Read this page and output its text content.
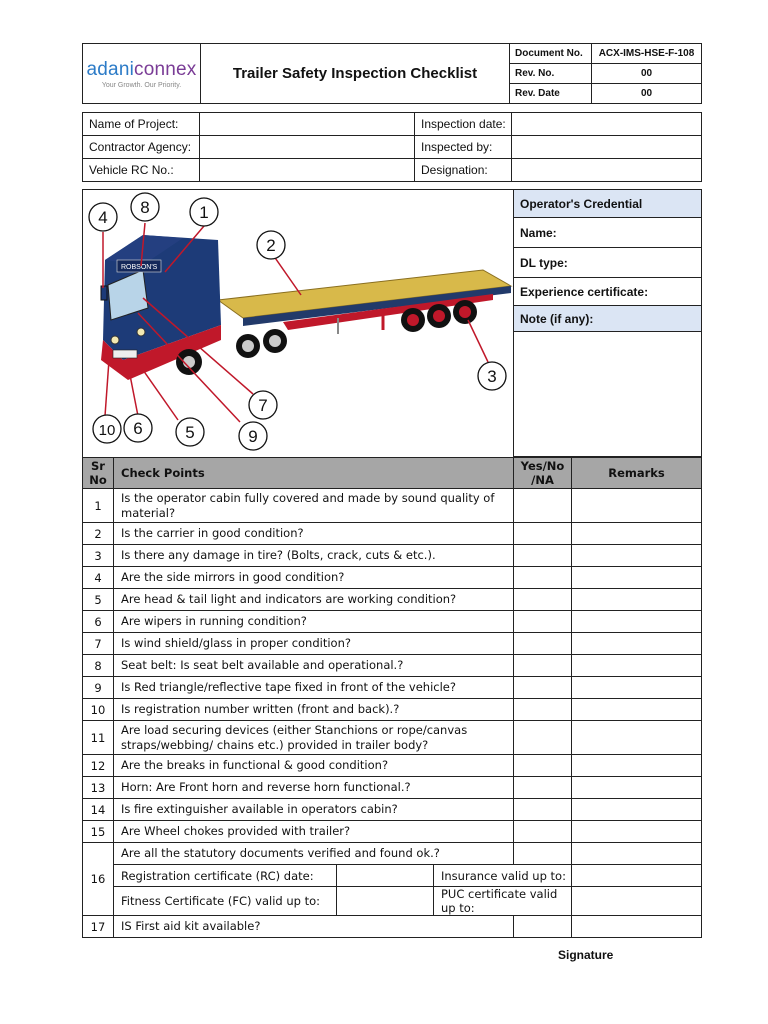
adaniconnex
Your Growth. Our Priority.	Trailer Safety Inspection Checklist	Document No.	ACX-IMS-HSE-F-108
		Rev. No.	00
		Rev. Date	00
Name of Project:		Inspection date:	
Contractor Agency:		Inspected by:	
Vehicle RC No.:		Designation:	
ROBSON'S
1
2
3
4
5
6
7
8
9
10
Operator's Credential
Name:
DL type:
Experience certificate:
Note (if any):

Sr No	Check Points			Yes/No /NA	Remarks
1	Is the operator cabin fully covered and made by sound quality of material?				
2	Is the carrier in good condition?				
3	Is there any damage in tire? (Bolts, crack, cuts & etc.).				
4	Are the side mirrors in good condition?				
5	Are head & tail light and indicators are working condition?				
6	Are wipers in running condition?				
7	Is wind shield/glass in proper condition?				
8	Seat belt: Is seat belt available and operational.?				
9	Is Red triangle/reflective tape fixed in front of the vehicle?				
10	Is registration number written (front and back).?				
11	Are load securing devices (either Stanchions or rope/canvas straps/webbing/ chains etc.) provided in trailer body?				
12	Are the breaks in functional & good condition?				
13	Horn: Are Front horn and reverse horn functional.?				
14	Is fire extinguisher available in operators cabin?				
15	Are Wheel chokes provided with trailer?				
16	Are all the statutory documents verified and found ok.?				
	Registration certificate (RC) date:		Insurance valid up to:		
	Fitness Certificate (FC) valid up to:		PUC certificate valid up to:		
17	IS First aid kit available?				
Signature
